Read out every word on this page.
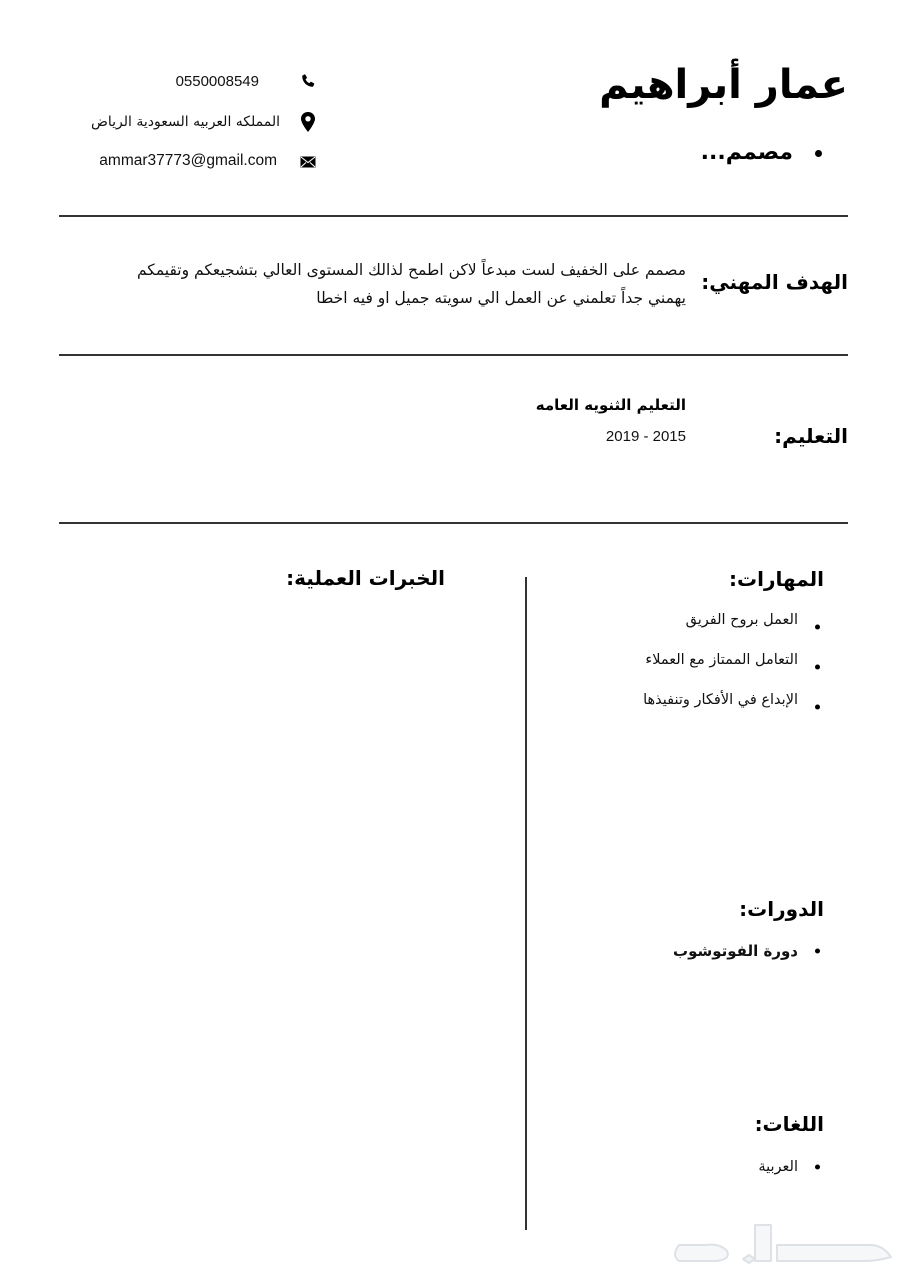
عمار أبراهيم
مصمم...
0550008549
المملكه العربيه السعودية الرياض
ammar37773@gmail.com
الهدف المهني:
مصمم على الخفيف لست مبدعاً لاكن اطمح لذالك المستوى العالي بتشجيعكم وتقيمكم يهمني جداً تعلمني عن العمل الي سويته جميل او فيه اخطا
التعليم:
التعليم الثنويه العامه
2019 - 2015
الخبرات العملية:	المهارات:
العمل بروح الفريق
التعامل الممتاز مع العملاء
الإبداع في الأفكار وتنفيذها
الدورات:
دورة الفوتوشوب
اللغات:
العربية
